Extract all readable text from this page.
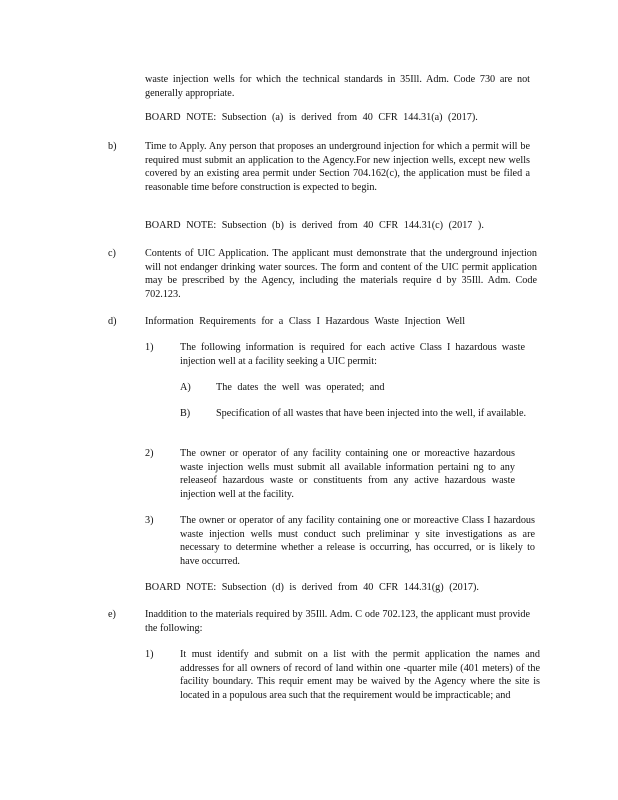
waste injection wells for which the technical standards in 35Ill. Adm. Code 730 are not generally appropriate.

BOARD NOTE: Subsection (a) is derived from 40 CFR 144.31(a) (2017).

b)	Time to Apply. Any person that proposes an underground injection for which a permit will be required must submit an application to the Agency.For new injection wells, except new wells covered by an existing area permit under Section 704.162(c), the application must be filed a reasonable time before construction is expected to begin.

BOARD NOTE: Subsection (b) is derived from 40 CFR 144.31(c) (2017 ).

c)	Contents of UIC Application. The applicant must demonstrate that the underground injection will not endanger drinking water sources. The form and content of the UIC permit application may be prescribed by the Agency, including the materials require d by 35Ill. Adm. Code 702.123.

d)	Information Requirements for a Class I Hazardous Waste Injection Well

1)	The following information is required for each active Class I hazardous waste injection well at a facility seeking a UIC permit:

A) The dates the well was operated; and

B)	Specification of all wastes that have been injected into the well, if available.

2)	The owner or operator of any facility containing one or moreactive hazardous waste injection wells must submit all available information pertaini ng to any releaseof hazardous waste or constituents from any active hazardous waste injection well at the facility.

3)	The owner or operator of any facility containing one or moreactive Class I hazardous waste injection wells must conduct such preliminar y site investigations as are necessary to determine whether a release is occurring, has occurred, or is likely to have occurred.

BOARD NOTE: Subsection (d) is derived from 40 CFR 144.31(g) (2017).

e)	Inaddition to the materials required by 35Ill. Adm. C ode 702.123, the applicant must provide the following:

1)	It must identify and submit on a list with the permit application the names and addresses for all owners of record of land within one -quarter mile (401 meters) of the facility boundary. This requir ement may be waived by the Agency where the site is located in a populous area such that the requirement would be impracticable; and
